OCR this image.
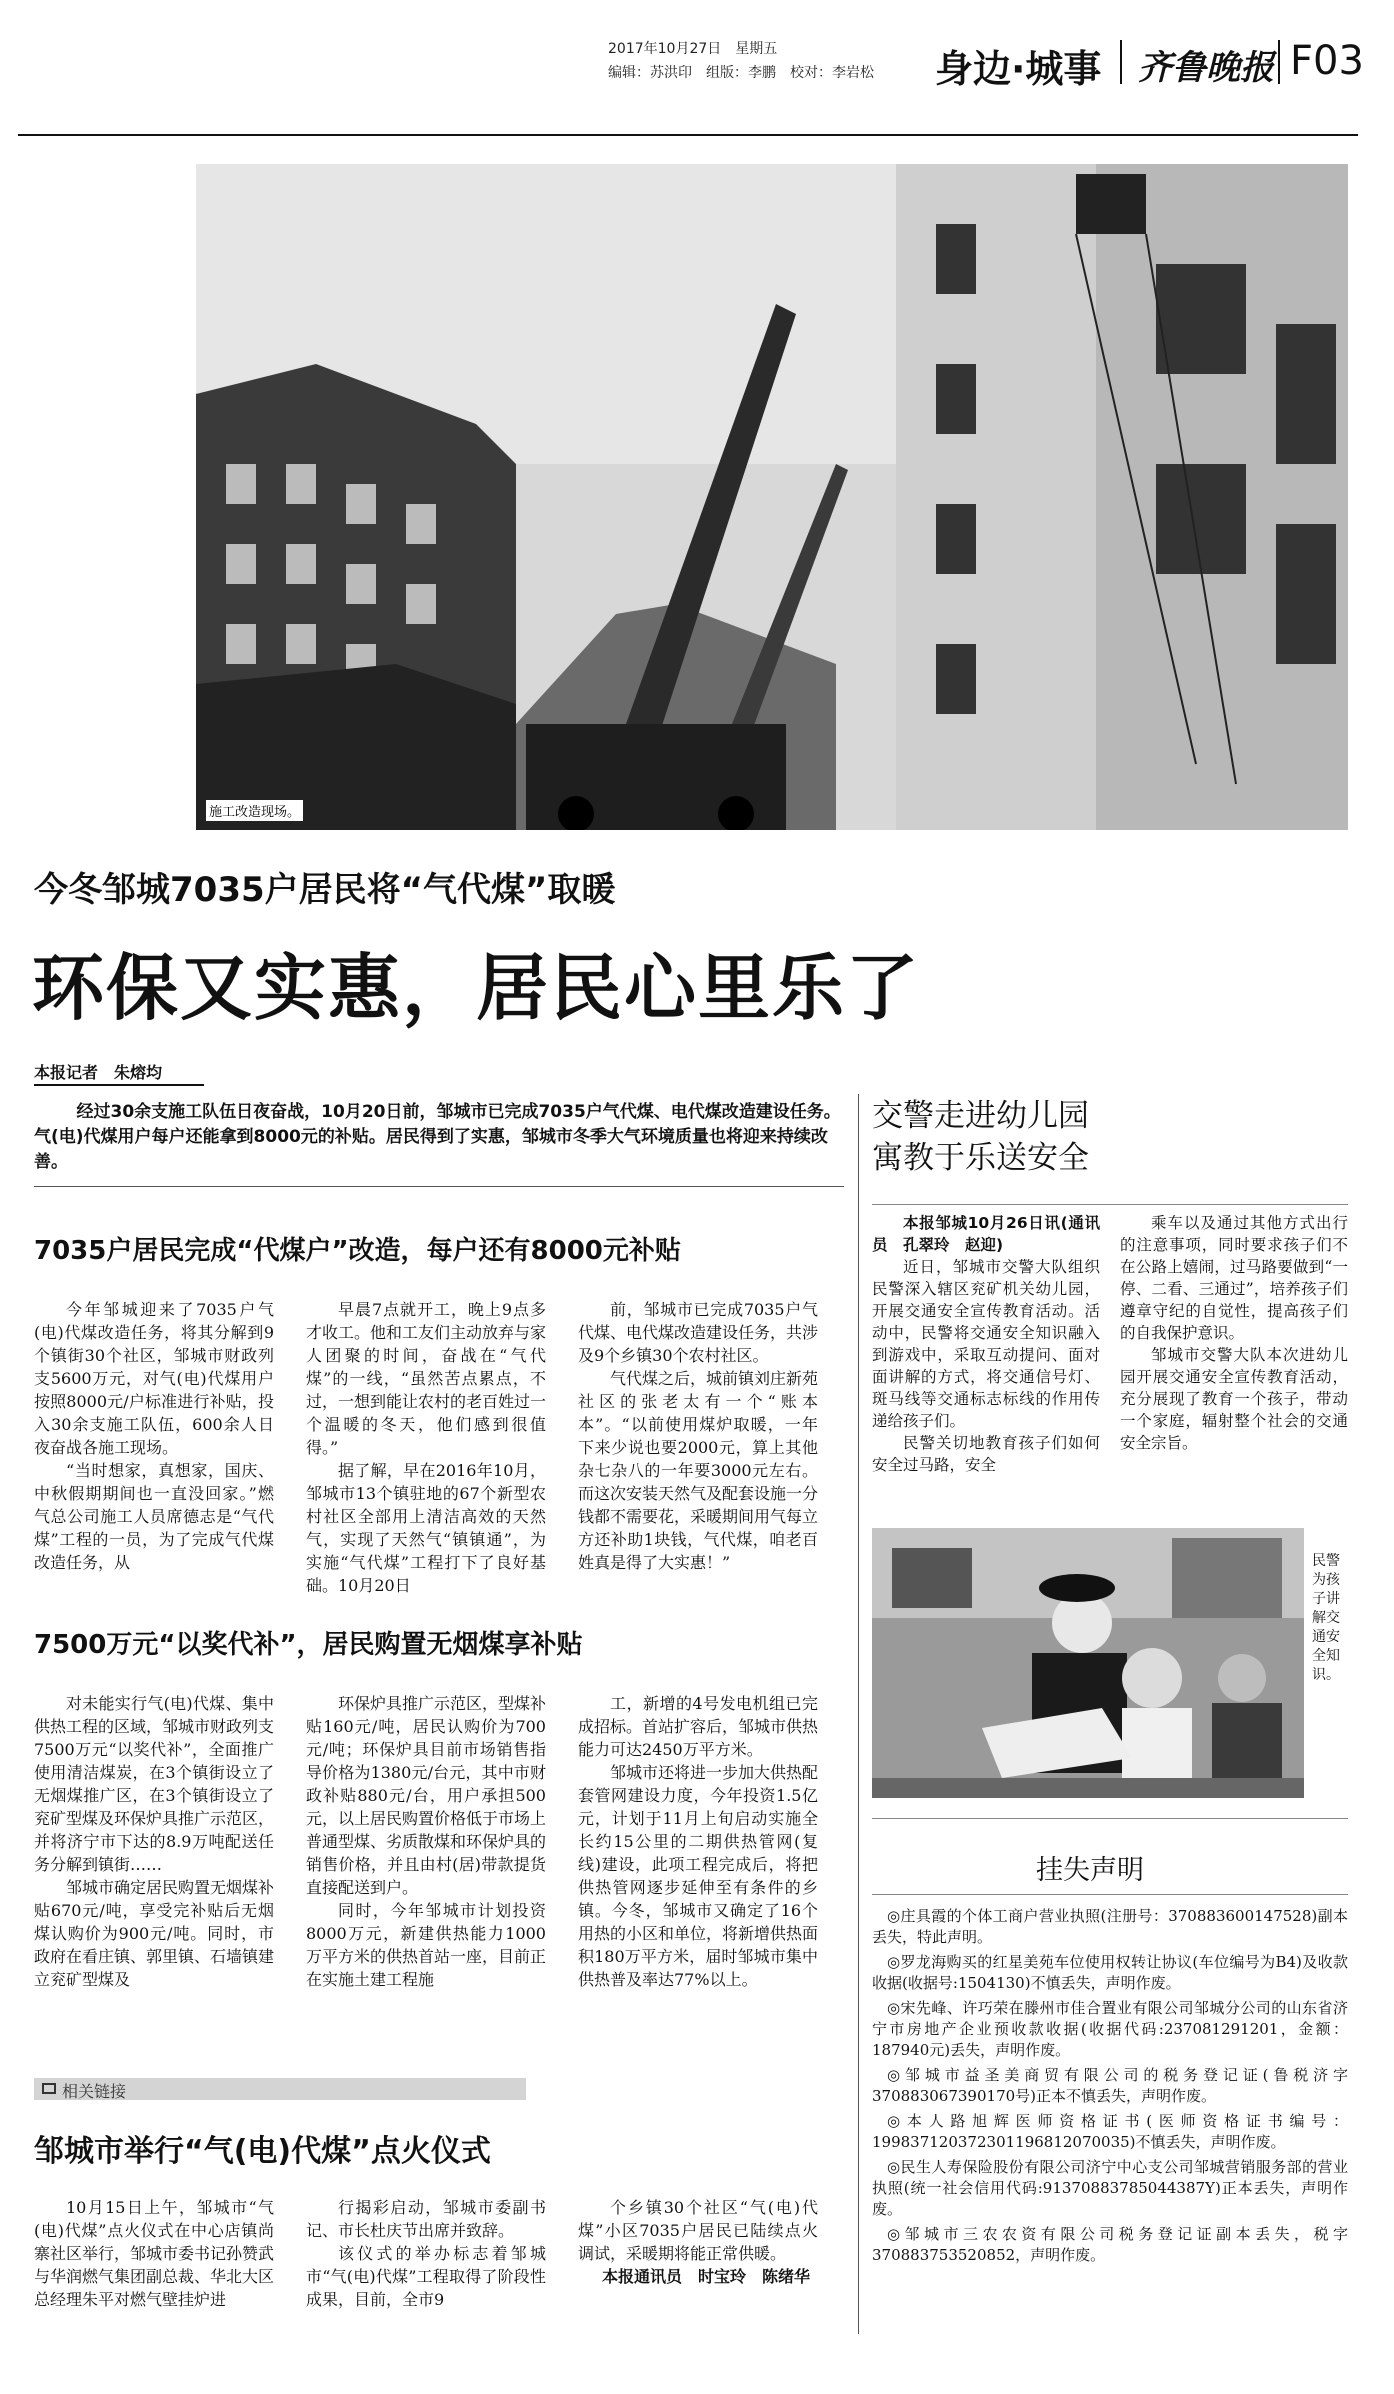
2017年10月27日　星期五
编辑：苏洪印　组版：李鹏　校对：李岩松 身边·城事 齐鲁晚报 F03
施工改造现场。
今冬邹城7035户居民将“气代煤”取暖
环保又实惠，居民心里乐了
本报记者　朱熔均
经过30余支施工队伍日夜奋战，10月20日前，邹城市已完成7035户气代煤、电代煤改造建设任务。气(电)代煤用户每户还能拿到8000元的补贴。居民得到了实惠，邹城市冬季大气环境质量也将迎来持续改善。
7035户居民完成“代煤户”改造，每户还有8000元补贴

今年邹城迎来了7035户气(电)代煤改造任务，将其分解到9个镇街30个社区，邹城市财政列支5600万元，对气(电)代煤用户按照8000元/户标准进行补贴，投入30余支施工队伍，600余人日夜奋战各施工现场。

“当时想家，真想家，国庆、中秋假期期间也一直没回家。”燃气总公司施工人员席德志是“气代煤”工程的一员，为了完成气代煤改造任务，从

早晨7点就开工，晚上9点多才收工。他和工友们主动放弃与家人团聚的时间，奋战在“气代煤”的一线，“虽然苦点累点，不过，一想到能让农村的老百姓过一个温暖的冬天，他们感到很值得。”

据了解，早在2016年10月，邹城市13个镇驻地的67个新型农村社区全部用上清洁高效的天然气，实现了天然气“镇镇通”，为实施“气代煤”工程打下了良好基础。10月20日

前，邹城市已完成7035户气代煤、电代煤改造建设任务，共涉及9个乡镇30个农村社区。

气代煤之后，城前镇刘庄新苑社区的张老太有一个“账本本”。“以前使用煤炉取暖，一年下来少说也要2000元，算上其他杂七杂八的一年要3000元左右。而这次安装天然气及配套设施一分钱都不需要花，采暖期间用气每立方还补助1块钱，气代煤，咱老百姓真是得了大实惠！”

7500万元“以奖代补”，居民购置无烟煤享补贴

对未能实行气(电)代煤、集中供热工程的区域，邹城市财政列支7500万元“以奖代补”，全面推广使用清洁煤炭，在3个镇街设立了无烟煤推广区，在3个镇街设立了兖矿型煤及环保炉具推广示范区，并将济宁市下达的8.9万吨配送任务分解到镇街……

邹城市确定居民购置无烟煤补贴670元/吨，享受完补贴后无烟煤认购价为900元/吨。同时，市政府在看庄镇、郭里镇、石墙镇建立兖矿型煤及

环保炉具推广示范区，型煤补贴160元/吨，居民认购价为700元/吨；环保炉具目前市场销售指导价格为1380元/台元，其中市财政补贴880元/台，用户承担500元，以上居民购置价格低于市场上普通型煤、劣质散煤和环保炉具的销售价格，并且由村(居)带款提货直接配送到户。

同时，今年邹城市计划投资8000万元，新建供热能力1000万平方米的供热首站一座，目前正在实施土建工程施

工，新增的4号发电机组已完成招标。首站扩容后，邹城市供热能力可达2450万平方米。

邹城市还将进一步加大供热配套管网建设力度，今年投资1.5亿元，计划于11月上旬启动实施全长约15公里的二期供热管网(复线)建设，此项工程完成后，将把供热管网逐步延伸至有条件的乡镇。今冬，邹城市又确定了16个用热的小区和单位，将新增供热面积180万平方米，届时邹城市集中供热普及率达77%以上。

相关链接
邹城市举行“气(电)代煤”点火仪式

10月15日上午，邹城市“气(电)代煤”点火仪式在中心店镇尚寨社区举行，邹城市委书记孙赞武与华润燃气集团副总裁、华北大区总经理朱平对燃气壁挂炉进

行揭彩启动，邹城市委副书记、市长杜庆节出席并致辞。

该仪式的举办标志着邹城市“气(电)代煤”工程取得了阶段性成果，目前，全市9

个乡镇30个社区“气(电)代煤”小区7035户居民已陆续点火调试，采暖期将能正常供暖。

本报通讯员　时宝玲　陈绪华

交警走进幼儿园
寓教于乐送安全

本报邹城10月26日讯(通讯员　孔翠玲　赵迎)

近日，邹城市交警大队组织民警深入辖区兖矿机关幼儿园，开展交通安全宣传教育活动。活动中，民警将交通安全知识融入到游戏中，采取互动提问、面对面讲解的方式，将交通信号灯、斑马线等交通标志标线的作用传递给孩子们。

民警关切地教育孩子们如何安全过马路，安全

乘车以及通过其他方式出行的注意事项，同时要求孩子们不在公路上嬉闹，过马路要做到“一停、二看、三通过”，培养孩子们遵章守纪的自觉性，提高孩子们的自我保护意识。

邹城市交警大队本次进幼儿园开展交通安全宣传教育活动，充分展现了教育一个孩子，带动一个家庭，辐射整个社会的交通安全宗旨。

民警为孩子讲解交通安全知识。
挂失声明
◎庄具霞的个体工商户营业执照(注册号：370883600147528)副本丢失，特此声明。
◎罗龙海购买的红星美苑车位使用权转让协议(车位编号为B4)及收款收据(收据号:1504130)不慎丢失，声明作废。
◎宋先峰、许巧荣在滕州市佳合置业有限公司邹城分公司的山东省济宁市房地产企业预收款收据(收据代码:237081291201，金额：187940元)丢失，声明作废。
◎邹城市益圣美商贸有限公司的税务登记证(鲁税济字370883067390170号)正本不慎丢失，声明作废。
◎本人路旭辉医师资格证书(医师资格证书编号：199837120372301196812070035)不慎丢失，声明作废。
◎民生人寿保险股份有限公司济宁中心支公司邹城营销服务部的营业执照(统一社会信用代码:91370883785044387Y)正本丢失，声明作废。
◎邹城市三农农资有限公司税务登记证副本丢失，税字370883753520852，声明作废。
